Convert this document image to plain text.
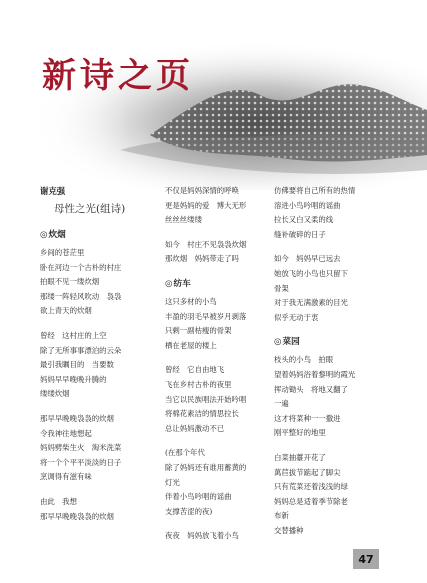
新诗之页
谢克强
母性之光(组诗)
◎炊烟
乡间的苍茫里
卧在河边一个古朴的村庄
拍眼不见一缕炊烟
那缕一阵轻风吹动　袅袅
欲上青天的炊烟
曾经　这村庄的上空
除了无所事事漂泊的云朵
最引我瞩目的　当要数
妈妈早早晚晚升腾的
缕缕炊烟
那早早晚晚袅袅的炊烟
令我神往地想起
妈妈劈柴生火　淘米洗菜
将一个个平平淡淡的日子
烹调得有滋有味
由此　我想
那早早晚晚袅袅的炊烟
不仅是妈妈深情的呼唤
更是妈妈的爱　博大无形
丝丝丝缕缕
如今　村庄不见袅袅炊烟
那炊烟　妈妈带走了吗
◎纺车
这只多材的小鸟
丰盈的羽毛早被岁月剥落
只剩一副枯瘦的骨架
栖在老屋的楼上
曾经　它自由地飞
飞在乡村古朴的夜里
当它以民族唱法开始吟唱
将棉花素洁的情思拉长
总让妈妈激动不已
(在那个年代
除了妈妈还有谁用蓄黄的
灯光
伴着小鸟吟唱的谣曲
支撑苦涩的夜)
夜夜　妈妈放飞着小鸟
仿佛要将自己所有的热情
溶进小鸟吟唱的谣曲
拉长又白又柔的线
缝补破碎的日子
如今　妈妈早已远去
她放飞的小鸟也只留下
骨架
对于我无满激素的目光
似乎无动于衷
◎菜园
枝头的小鸟　拍眼
望着妈妈浴着黎明的霞光
挥动锄头　将地又翻了
一遍
这才将菜种一一撒进
刚平整好的地里
白菜抽薹开花了
萬苣拔节踮起了脚尖
只有荒菜还着浅浅的绿
妈妈总是适着季节除老
布新
交替播种
47
